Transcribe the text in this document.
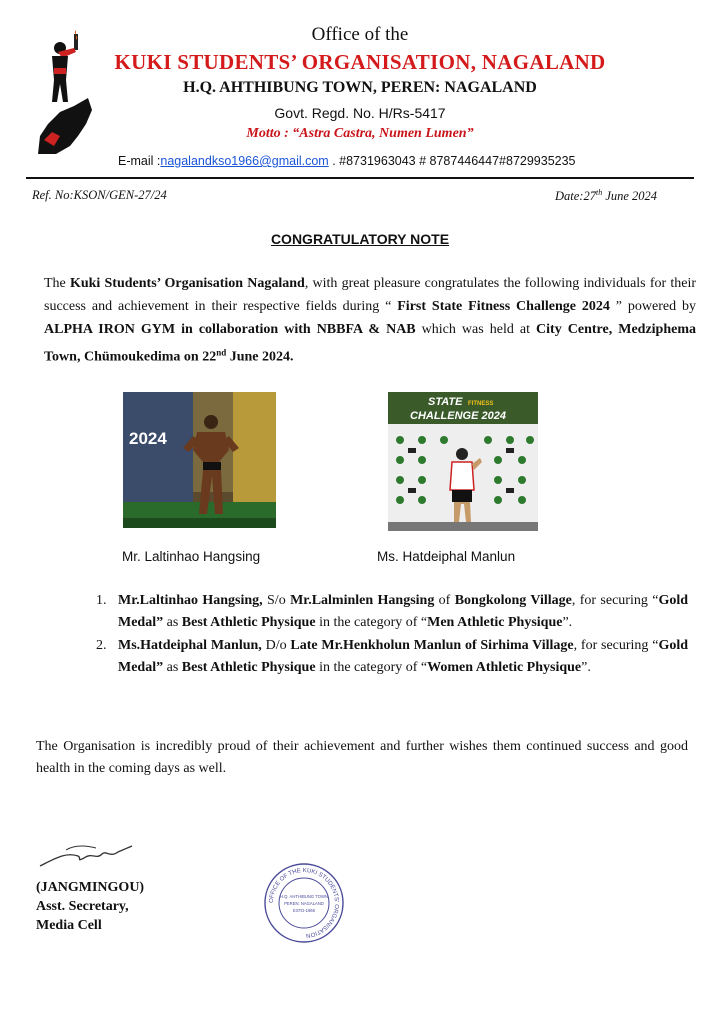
Office of the
KUKI STUDENTS’ ORGANISATION, NAGALAND
H.Q. AHTHIBUNG TOWN, PEREN: NAGALAND
Govt. Regd. No. H/Rs-5417
Motto : “Astra Castra, Numen Lumen”
E-mail :nagalandkso1966@gmail.com . #8731963043 # 8787446447#8729935235
Ref. No:KSON/GEN-27/24	Date:27th June 2024
CONGRATULATORY NOTE
The Kuki Students’ Organisation Nagaland, with great pleasure congratulates the following individuals for their success and achievement in their respective fields during “ First State Fitness Challenge 2024 ” powered by ALPHA IRON GYM in collaboration with NBBFA & NAB which was held at City Centre, Medziphema Town, Chümoukedima on 22nd June 2024.
2024
STATE FITNESS
CHALLENGE 2024
Mr. Laltinhao Hangsing	Ms. Hatdeiphal Manlun
1. Mr.Laltinhao Hangsing, S/o Mr.Lalminlen Hangsing of Bongkolong Village, for securing “Gold Medal” as Best Athletic Physique in the category of “Men Athletic Physique”.
2. Ms.Hatdeiphal Manlun, D/o Late Mr.Henkholun Manlun of Sirhima Village, for securing “Gold Medal” as Best Athletic Physique in the category of “Women Athletic Physique”.
The Organisation is incredibly proud of their achievement and further wishes them continued success and good health in the coming days as well.
(JANGMINGOU)
Asst. Secretary,
Media Cell
OFFICE OF THE KUKI STUDENTS' ORGANISATION
H.Q. AHTHIBUNG TOWN
PEREN: NAGALAND
ESTD-1966
